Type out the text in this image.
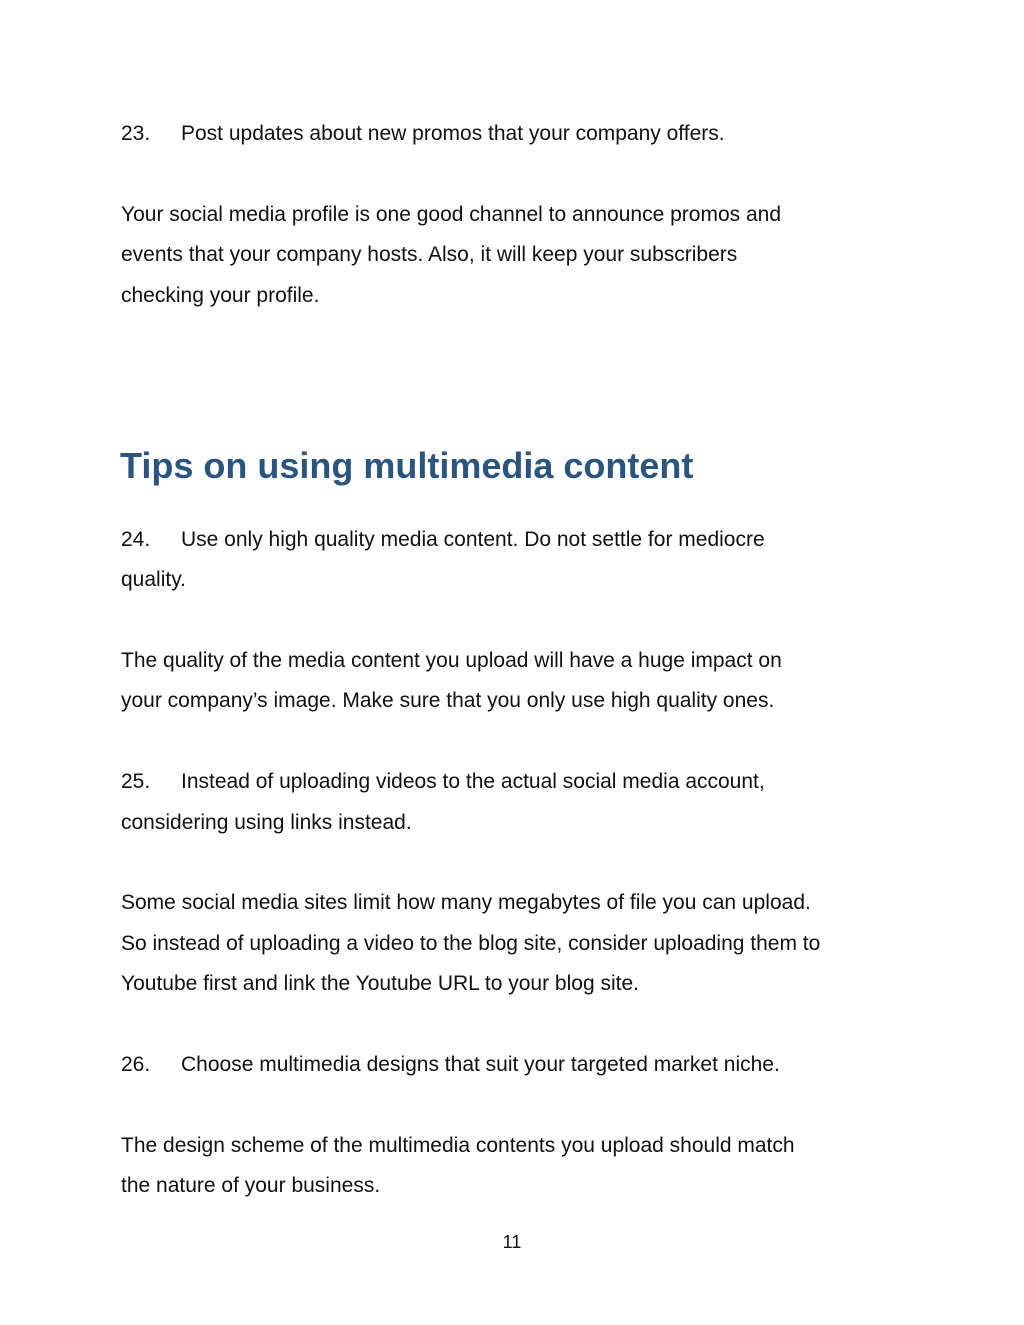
23. Post updates about new promos that your company offers.
Your social media profile is one good channel to announce promos and
events that your company hosts. Also, it will keep your subscribers
checking your profile.
Tips on using multimedia content
24. Use only high quality media content. Do not settle for mediocre
quality.
The quality of the media content you upload will have a huge impact on
your company’s image. Make sure that you only use high quality ones.
25. Instead of uploading videos to the actual social media account,
considering using links instead.
Some social media sites limit how many megabytes of file you can upload.
So instead of uploading a video to the blog site, consider uploading them to
Youtube first and link the Youtube URL to your blog site.
26. Choose multimedia designs that suit your targeted market niche.
The design scheme of the multimedia contents you upload should match
the nature of your business.
11
